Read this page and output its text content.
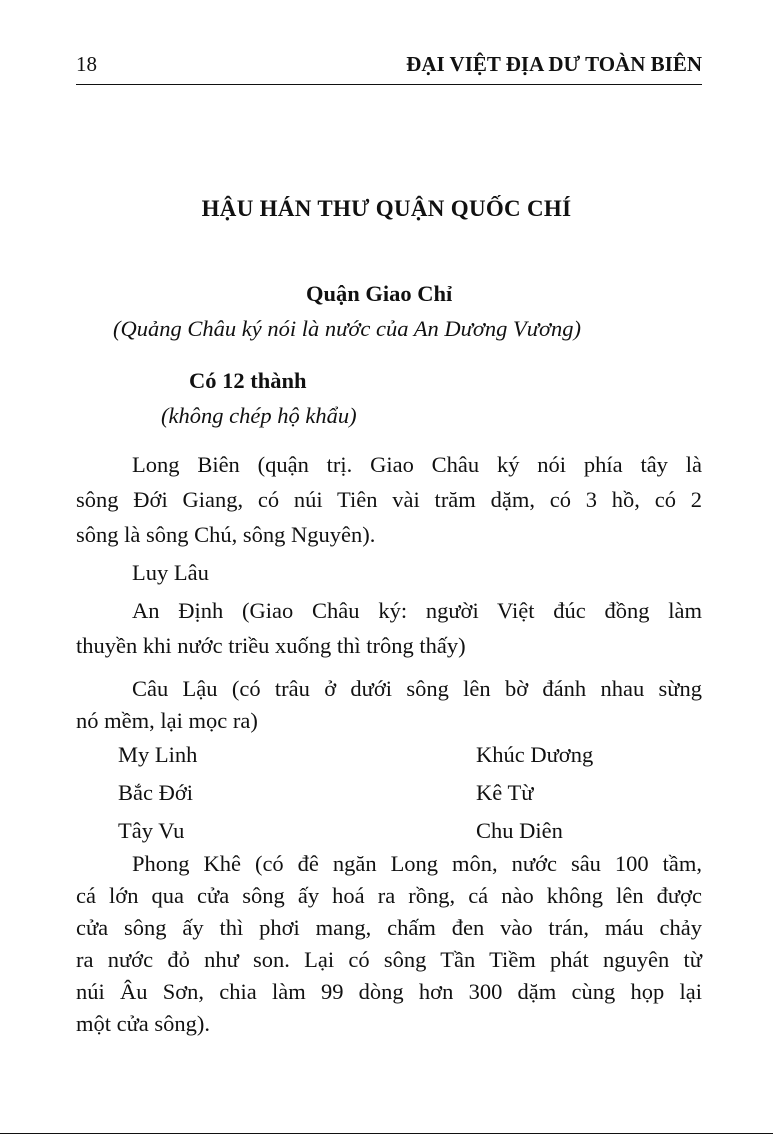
18	ĐẠI VIỆT ĐỊA DƯ TOÀN BIÊN
HẬU HÁN THƯ QUẬN QUỐC CHÍ
Quận Giao Chỉ
(Quảng Châu ký nói là nước của An Dương Vương)
Có 12 thành
(không chép hộ khẩu)
Long Biên (quận trị. Giao Châu ký nói phía tây là
sông Đới Giang, có núi Tiên vài trăm dặm, có 3 hồ, có 2
sông là sông Chú, sông Nguyên).
Luy Lâu
An Định (Giao Châu ký: người Việt đúc đồng làm
thuyền khi nước triều xuống thì trông thấy)
Câu Lậu (có trâu ở dưới sông lên bờ đánh nhau sừng
nó mềm, lại mọc ra)
My Linh	Khúc Dương
Bắc Đới	Kê Từ
Tây Vu	Chu Diên
Phong Khê (có đê ngăn Long môn, nước sâu 100 tầm,
cá lớn qua cửa sông ấy hoá ra rồng, cá nào không lên được
cửa sông ấy thì phơi mang, chấm đen vào trán, máu chảy
ra nước đỏ như son. Lại có sông Tần Tiềm phát nguyên từ
núi Âu Sơn, chia làm 99 dòng hơn 300 dặm cùng họp lại
một cửa sông).
